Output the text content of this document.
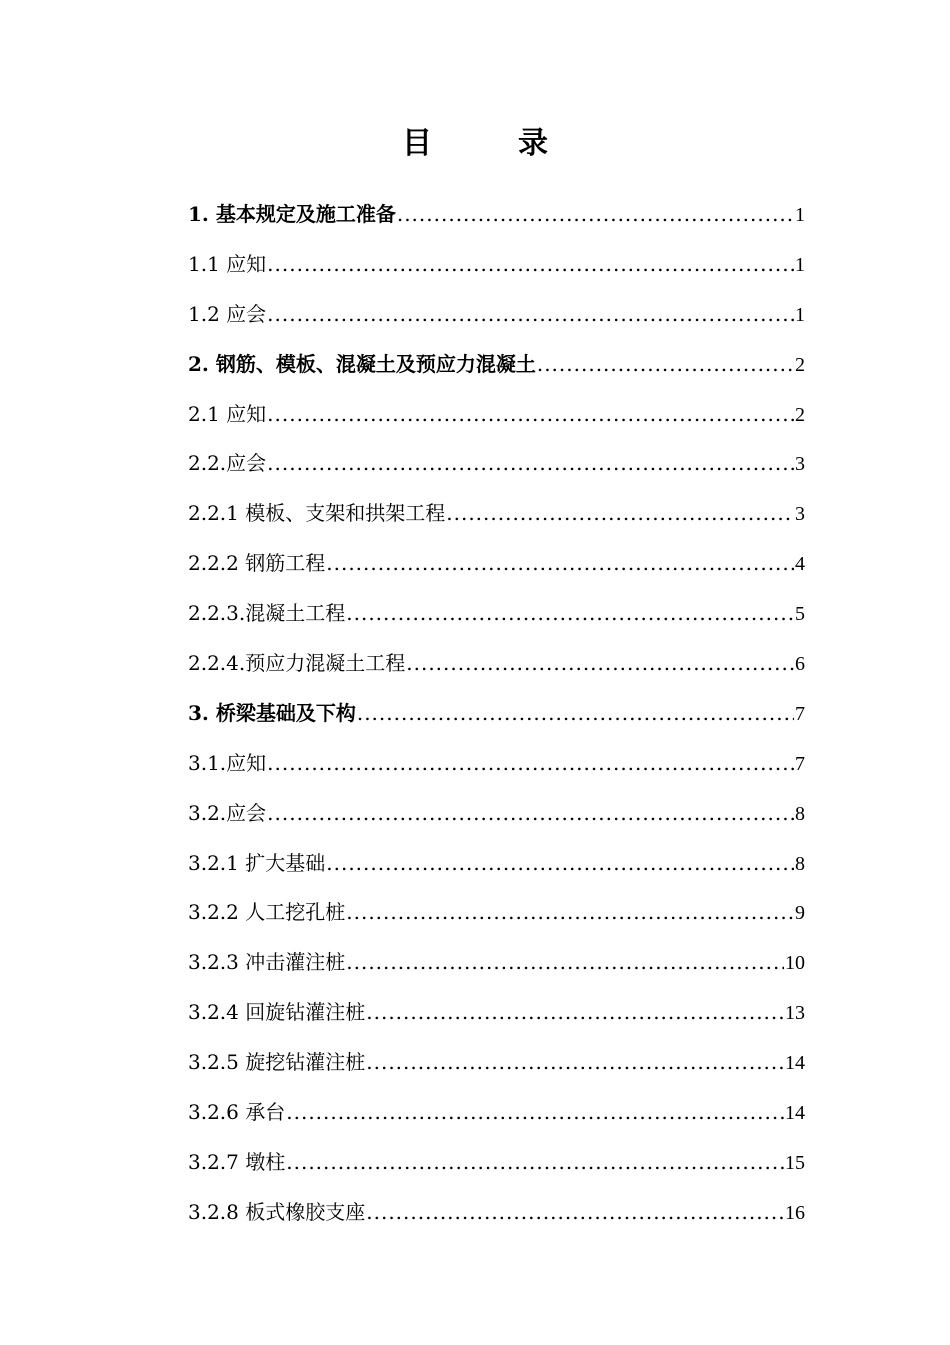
目　录
1. 基本规定及施工准备 .....	1
1.1 应知 .....	1
1.2 应会 .....	1
2. 钢筋、模板、混凝土及预应力混凝土 .....	2
2.1 应知 .....	2
2.2.应会 .....	3
2.2.1 模板、支架和拱架工程 .....	3
2.2.2 钢筋工程 .....	4
2.2.3.混凝土工程 .....	5
2.2.4.预应力混凝土工程 .....	6
3. 桥梁基础及下构 .....	7
3.1.应知 .....	7
3.2.应会 .....	8
3.2.1 扩大基础 .....	8
3.2.2 人工挖孔桩 .....	9
3.2.3 冲击灌注桩 .....	10
3.2.4 回旋钻灌注桩 .....	13
3.2.5 旋挖钻灌注桩 .....	14
3.2.6 承台 .....	14
3.2.7 墩柱 .....	15
3.2.8 板式橡胶支座 .....	16
